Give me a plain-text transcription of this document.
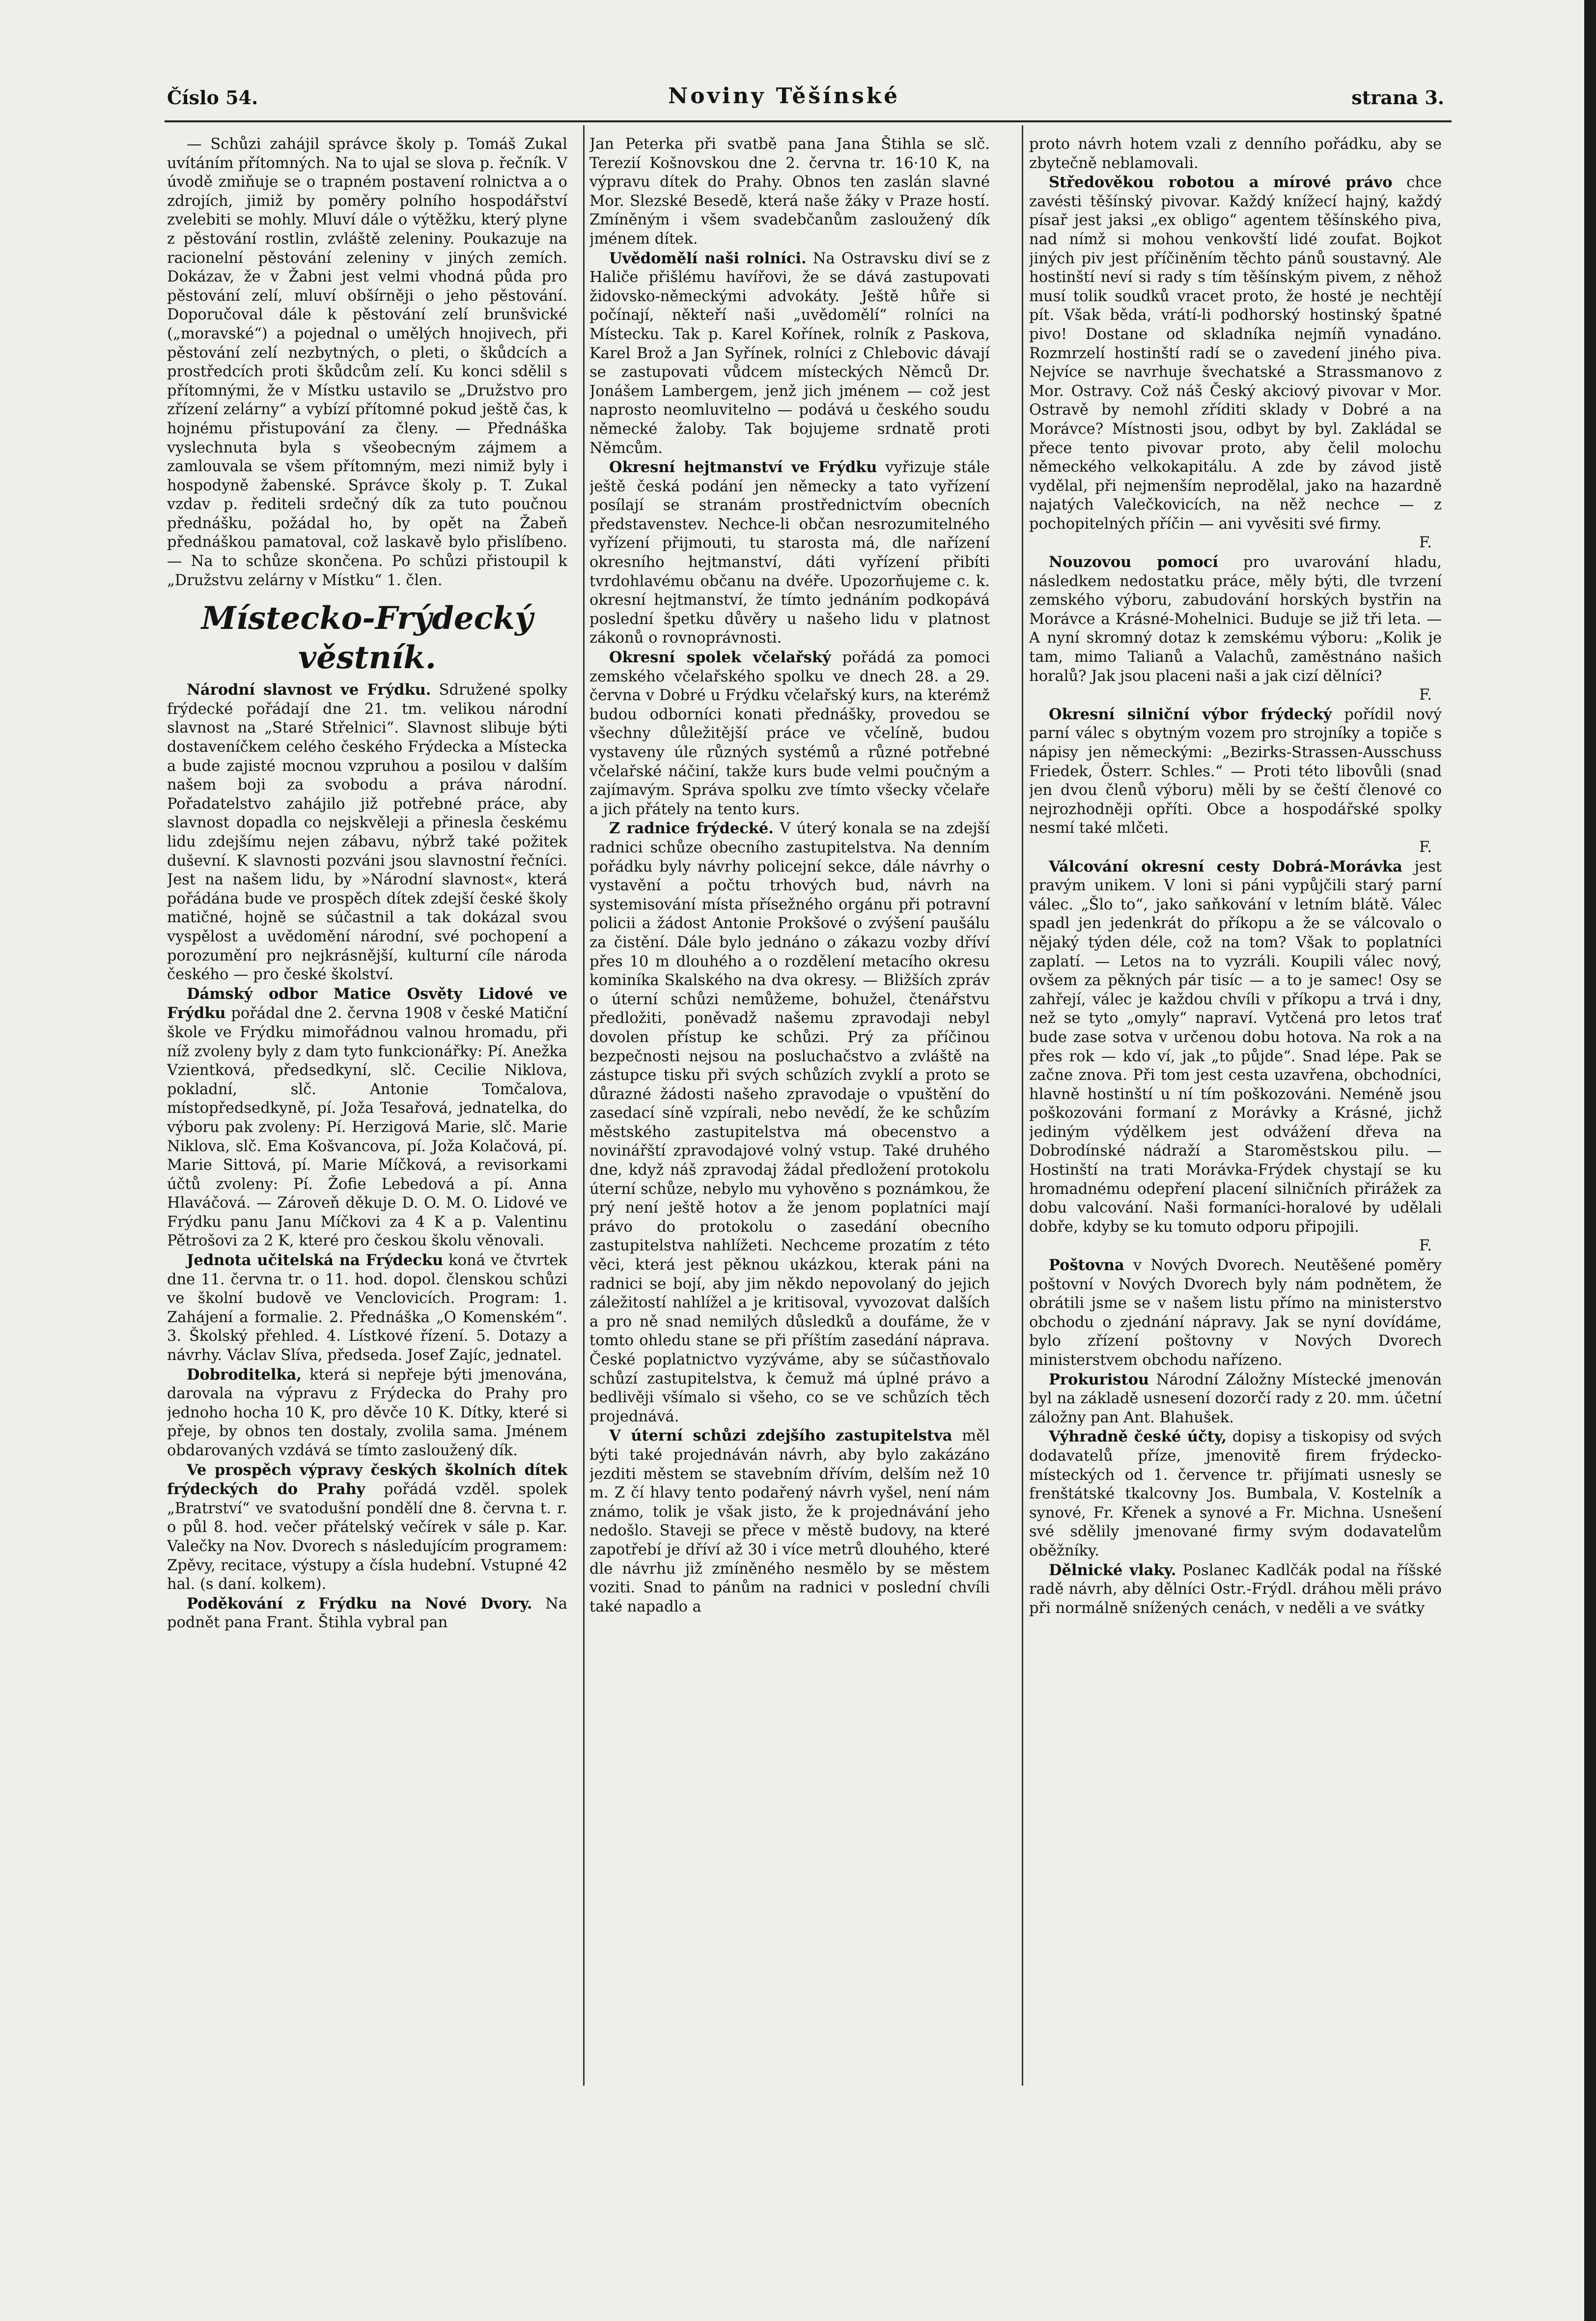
Číslo 54.	Noviny Těšínské	strana 3.

— Schůzi zahájil správce školy p. Tomáš Zukal uvítáním přítomných. Na to ujal se slova p. řečník. V úvodě zmiňuje se o trapném postavení rolnictva a o zdrojích, jimiž by poměry polního hospodářství zvelebiti se mohly. Mluví dále o výtěžku, který plyne z pěstování rostlin, zvláště zeleniny. Poukazuje na racionelní pěstování zeleniny v jiných zemích. Dokázav, že v Žabni jest velmi vhodná půda pro pěstování zelí, mluví obšírněji o jeho pěstování. Doporučoval dále k pěstování zelí brunšvické („moravské“) a pojednal o umělých hnojivech, při pěstování zelí nezbytných, o pleti, o škůdcích a prostředcích proti škůdcům zelí. Ku konci sdělil s přítomnými, že v Místku ustavilo se „Družstvo pro zřízení zelárny“ a vybízí přítomné pokud ještě čas, k hojnému přistupování za členy. — Přednáška vyslechnuta byla s všeobecným zájmem a zamlouvala se všem přítomným, mezi nimiž byly i hospodyně žabenské. Správce školy p. T. Zukal vzdav p. řediteli srdečný dík za tuto poučnou přednášku, požádal ho, by opět na Žabeň přednáškou pamatoval, což laskavě bylo přislíbeno. — Na to schůze skončena. Po schůzi přistoupil k „Družstvu zelárny v Místku“ 1. člen.

Místecko-Frýdecký věstník.

Národní slavnost ve Frýdku. Sdružené spolky frýdecké pořádají dne 21. tm. velikou národní slavnost na „Staré Střelnici“. Slavnost slibuje býti dostaveníčkem celého českého Frýdecka a Místecka a bude zajisté mocnou vzpruhou a posilou v dalším našem boji za svobodu a práva národní. Pořadatelstvo zahájilo již potřebné práce, aby slavnost dopadla co nejskvěleji a přinesla českému lidu zdejšímu nejen zábavu, nýbrž také požitek duševní. K slavnosti pozváni jsou slavnostní řečníci. Jest na našem lidu, by »Národní slavnost«, která pořádána bude ve prospěch dítek zdejší české školy matičné, hojně se súčastnil a tak dokázal svou vyspělost a uvědomění národní, své pochopení a porozumění pro nejkrásnější, kulturní cíle národa českého — pro české školství.

Dámský odbor Matice Osvěty Lidové ve Frýdku pořádal dne 2. června 1908 v české Matiční škole ve Frýdku mimořádnou valnou hromadu, při níž zvoleny byly z dam tyto funkcionářky: Pí. Anežka Vzientková, předsedkyní, slč. Cecilie Niklova, pokladní, slč. Antonie Tomčalova, místopředsedkyně, pí. Joža Tesařová, jednatelka, do výboru pak zvoleny: Pí. Herzigová Marie, slč. Marie Niklova, slč. Ema Košvancova, pí. Joža Kolačová, pí. Marie Sittová, pí. Marie Míčková, a revisorkami účtů zvoleny: Pí. Žofie Lebedová a pí. Anna Hlaváčová. — Zároveň děkuje D. O. M. O. Lidové ve Frýdku panu Janu Míčkovi za 4 K a p. Valentinu Pětrošovi za 2 K, které pro českou školu věnovali.

Jednota učitelská na Frýdecku koná ve čtvrtek dne 11. června tr. o 11. hod. dopol. členskou schůzi ve školní budově ve Venclovicích. Program: 1. Zahájení a formalie. 2. Přednáška „O Komenském“. 3. Školský přehled. 4. Lístkové řízení. 5. Dotazy a návrhy. Václav Slíva, předseda. Josef Zajíc, jednatel.

Dobroditelka, která si nepřeje býti jmenována, darovala na výpravu z Frýdecka do Prahy pro jednoho hocha 10 K, pro děvče 10 K. Dítky, které si přeje, by obnos ten dostaly, zvolila sama. Jménem obdarovaných vzdává se tímto zasloužený dík.

Ve prospěch výpravy českých školních dítek frýdeckých do Prahy pořádá vzděl. spolek „Bratrství“ ve svatodušní pondělí dne 8. června t. r. o půl 8. hod. večer přátelský večírek v sále p. Kar. Valečky na Nov. Dvorech s následujícím programem: Zpěvy, recitace, výstupy a čísla hudební. Vstupné 42 hal. (s daní. kolkem).

Poděkování z Frýdku na Nové Dvory. Na podnět pana Frant. Štihla vybral pan

Jan Peterka při svatbě pana Jana Štihla se slč. Terezií Košnovskou dne 2. června tr. 16·10 K, na výpravu dítek do Prahy. Obnos ten zaslán slavné Mor. Slezské Besedě, která naše žáky v Praze hostí. Zmíněným i všem svadebčanům zasloužený dík jménem dítek.

Uvědomělí naši rolníci. Na Ostravsku diví se z Haliče přišlému havířovi, že se dává zastupovati židovsko-německými advokáty. Ještě hůře si počínají, někteří naši „uvědomělí“ rolníci na Místecku. Tak p. Karel Kořínek, rolník z Paskova, Karel Brož a Jan Syřínek, rolníci z Chlebovic dávají se zastupovati vůdcem místeckých Němců Dr. Jonášem Lambergem, jenž jich jménem — což jest naprosto neomluvitelno — podává u českého soudu německé žaloby. Tak bojujeme srdnatě proti Němcům.

Okresní hejtmanství ve Frýdku vyřizuje stále ještě česká podání jen německy a tato vyřízení posílají se stranám prostřednictvím obecních představenstev. Nechce-li občan nesrozumitelného vyřízení přijmouti, tu starosta má, dle nařízení okresního hejtmanství, dáti vyřízení přibíti tvrdohlavému občanu na dvéře. Upozorňujeme c. k. okresní hejtmanství, že tímto jednáním podkopává poslední špetku důvěry u našeho lidu v platnost zákonů o rovnoprávnosti.

Okresní spolek včelařský pořádá za pomoci zemského včelařského spolku ve dnech 28. a 29. června v Dobré u Frýdku včelařský kurs, na kterémž budou odborníci konati přednášky, provedou se všechny důležitější práce ve včelíně, budou vystaveny úle různých systémů a různé potřebné včelařské náčiní, takže kurs bude velmi poučným a zajímavým. Správa spolku zve tímto všecky včelaře a jich přátely na tento kurs.

Z radnice frýdecké. V úterý konala se na zdejší radnici schůze obecního zastupitelstva. Na denním pořádku byly návrhy policejní sekce, dále návrhy o vystavění a počtu trhových bud, návrh na systemisování místa přísežného orgánu při potravní policii a žádost Antonie Prokšové o zvýšení paušálu za čistění. Dále bylo jednáno o zákazu vozby dříví přes 10 m dlouhého a o rozdělení metacího okresu kominíka Skalského na dva okresy. — Bližších zpráv o úterní schůzi nemůžeme, bohužel, čtenářstvu předložiti, poněvadž našemu zpravodaji nebyl dovolen přístup ke schůzi. Prý za příčinou bezpečnosti nejsou na posluchačstvo a zvláště na zástupce tisku při svých schůzích zvyklí a proto se důrazné žádosti našeho zpravodaje o vpuštění do zasedací síně vzpírali, nebo nevědí, že ke schůzím městského zastupitelstva má obecenstvo a novinářští zpravodajové volný vstup. Také druhého dne, když náš zpravodaj žádal předložení protokolu úterní schůze, nebylo mu vyhověno s poznámkou, že prý není ještě hotov a že jenom poplatníci mají právo do protokolu o zasedání obecního zastupitelstva nahlížeti. Nechceme prozatím z této věci, která jest pěknou ukázkou, kterak páni na radnici se bojí, aby jim někdo nepovolaný do jejich záležitostí nahlížel a je kritisoval, vyvozovat dalších a pro ně snad nemilých důsledků a doufáme, že v tomto ohledu stane se při příštím zasedání náprava. České poplatnictvo vyzýváme, aby se súčastňovalo schůzí zastupitelstva, k čemuž má úplné právo a bedlivěji všímalo si všeho, co se ve schůzích těch projednává.

V úterní schůzi zdejšího zastupitelstva měl býti také projednáván návrh, aby bylo zakázáno jezditi městem se stavebním dřívím, delším než 10 m. Z čí hlavy tento podařený návrh vyšel, není nám známo, tolik je však jisto, že k projednávání jeho nedošlo. Staveji se přece v městě budovy, na které zapotřebí je dříví až 30 i více metrů dlouhého, které dle návrhu již zmíněného nesmělo by se městem voziti. Snad to pánům na radnici v poslední chvíli také napadlo a

proto návrh hotem vzali z denního pořádku, aby se zbytečně neblamovali.

Středověkou robotou a mírové právo chce zavésti těšínský pivovar. Každý knížecí hajný, každý písař jest jaksi „ex obligo“ agentem těšínského piva, nad nímž si mohou venkovští lidé zoufat. Bojkot jiných piv jest příčiněním těchto pánů soustavný. Ale hostinští neví si rady s tím těšínským pivem, z něhož musí tolik soudků vracet proto, že hosté je nechtějí pít. Však běda, vrátí-li podhorský hostinský špatné pivo! Dostane od skladníka nejmíň vynadáno. Rozmrzelí hostinští radí se o zavedení jiného piva. Nejvíce se navrhuje švechatské a Strassmanovo z Mor. Ostravy. Což náš Český akciový pivovar v Mor. Ostravě by nemohl zříditi sklady v Dobré a na Morávce? Místnosti jsou, odbyt by byl. Zakládal se přece tento pivovar proto, aby čelil molochu německého velkokapitálu. A zde by závod jistě vydělal, při nejmenším neprodělal, jako na hazardně najatých Valečkovicích, na něž nechce — z pochopitelných příčin — ani vyvěsiti své firmy.

F.

Nouzovou pomocí pro uvarování hladu, následkem nedostatku práce, měly býti, dle tvrzení zemského výboru, zabudování horských bystřin na Morávce a Krásné-Mohelnici. Buduje se již tři leta. — A nyní skromný dotaz k zemskému výboru: „Kolik je tam, mimo Talianů a Valachů, zaměstnáno našich horalů? Jak jsou placeni naši a jak cizí dělníci?

F.

Okresní silniční výbor frýdecký pořídil nový parní válec s obytným vozem pro strojníky a topiče s nápisy jen německými: „Bezirks-Strassen-Ausschuss Friedek, Österr. Schles.“ — Proti této libovůli (snad jen dvou členů výboru) měli by se čeští členové co nejrozhodněji opříti. Obce a hospodářské spolky nesmí také mlčeti.

F.

Válcování okresní cesty Dobrá-Morávka jest pravým unikem. V loni si páni vypůjčili starý parní válec. „Šlo to“, jako saňkování v letním blátě. Válec spadl jen jedenkrát do příkopu a že se válcovalo o nějaký týden déle, což na tom? Však to poplatníci zaplatí. — Letos na to vyzráli. Koupili válec nový, ovšem za pěkných pár tisíc — a to je samec! Osy se zahřejí, válec je každou chvíli v příkopu a trvá i dny, než se tyto „omyly“ napraví. Vytčená pro letos trať bude zase sotva v určenou dobu hotova. Na rok a na přes rok — kdo ví, jak „to půjde“. Snad lépe. Pak se začne znova. Při tom jest cesta uzavřena, obchodníci, hlavně hostinští u ní tím poškozováni. Neméně jsou poškozováni formaní z Morávky a Krásné, jichž jediným výdělkem jest odvážení dřeva na Dobrodínské nádraží a Staroměstskou pilu. — Hostinští na trati Morávka-Frýdek chystají se ku hromadnému odepření placení silničních přirážek za dobu valcování. Naši formaníci-horalové by udělali dobře, kdyby se ku tomuto odporu připojili.

F.

Poštovna v Nových Dvorech. Neutěšené poměry poštovní v Nových Dvorech byly nám podnětem, že obrátili jsme se v našem listu přímo na ministerstvo obchodu o zjednání nápravy. Jak se nyní dovídáme, bylo zřízení poštovny v Nových Dvorech ministerstvem obchodu nařízeno.

Prokuristou Národní Záložny Místecké jmenován byl na základě usnesení dozorčí rady z 20. mm. účetní záložny pan Ant. Blahušek.

Výhradně české účty, dopisy a tiskopisy od svých dodavatelů příze, jmenovitě firem frýdecko-místeckých od 1. července tr. přijímati usnesly se frenštátské tkalcovny Jos. Bumbala, V. Kostelník a synové, Fr. Křenek a synové a Fr. Michna. Usnešení své sdělily jmenované firmy svým dodavatelům oběžníky.

Dělnické vlaky. Poslanec Kadlčák podal na říšské radě návrh, aby dělníci Ostr.-Frýdl. dráhou měli právo při normálně snížených cenách, v neděli a ve svátky
